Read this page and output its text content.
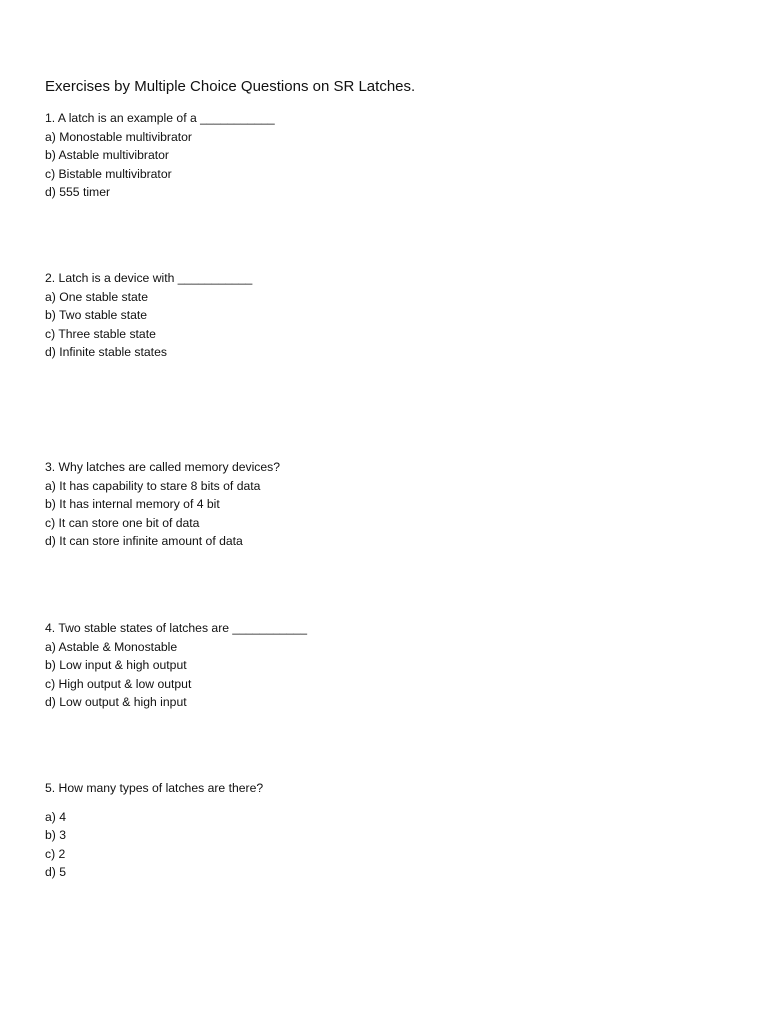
Exercises by Multiple Choice Questions on SR Latches.
1. A latch is an example of a ___________
a) Monostable multivibrator
b) Astable multivibrator
c) Bistable multivibrator
d) 555 timer
2. Latch is a device with ___________
a) One stable state
b) Two stable state
c) Three stable state
d) Infinite stable states
3. Why latches are called memory devices?
a) It has capability to stare 8 bits of data
b) It has internal memory of 4 bit
c) It can store one bit of data
d) It can store infinite amount of data
4. Two stable states of latches are ___________
a) Astable & Monostable
b) Low input & high output
c) High output & low output
d) Low output & high input
5. How many types of latches are there?
a) 4
b) 3
c) 2
d) 5
